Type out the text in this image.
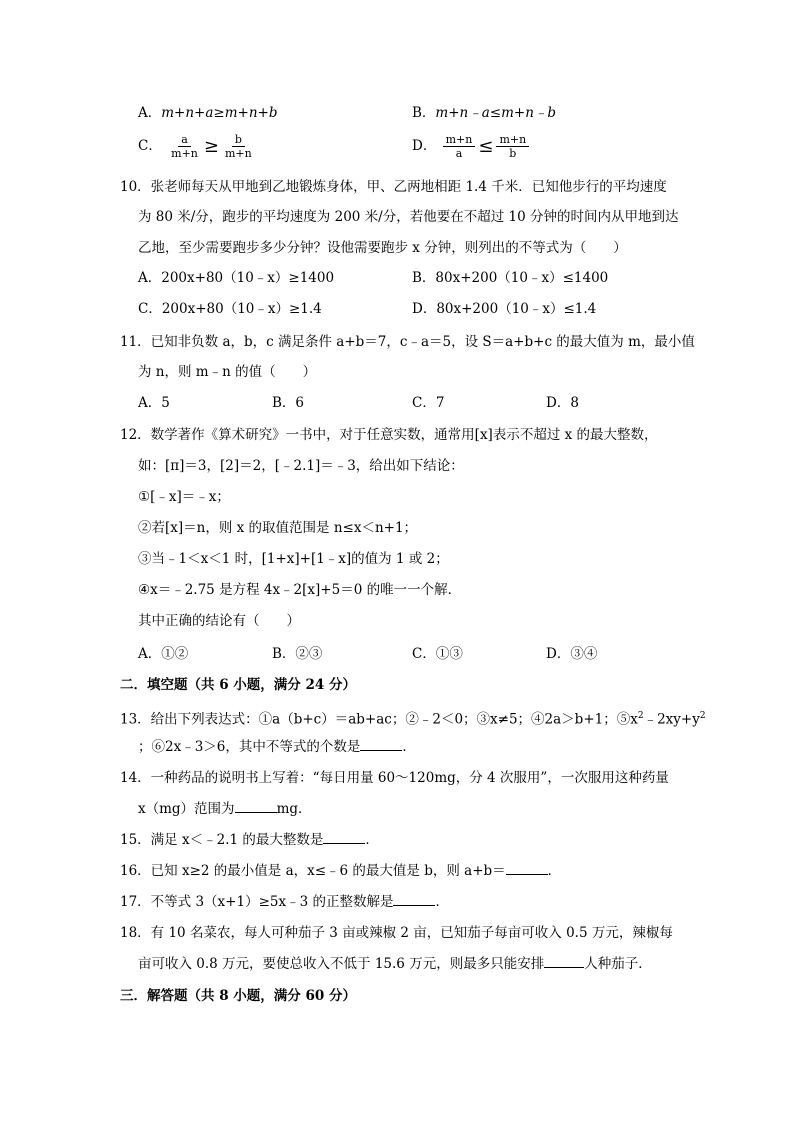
A．m+n+a≥m+n+b	B．m+n﹣a≤m+n﹣b
C． $\frac{a}{m+n} \ge \frac{b}{m+n}$	D． $\frac{m+n}{a} \le \frac{m+n}{b}$
10．张老师每天从甲地到乙地锻炼身体，甲、乙两地相距 1.4 千米．已知他步行的平均速度
为 80 米/分，跑步的平均速度为 200 米/分，若他要在不超过 10 分钟的时间内从甲地到达
乙地，至少需要跑步多少分钟？设他需要跑步 x 分钟，则列出的不等式为（　　）
A．200x+80（10﹣x）≥1400	B．80x+200（10﹣x）≤1400
C．200x+80（10﹣x）≥1.4	D．80x+200（10﹣x）≤1.4
11．已知非负数 a，b，c 满足条件 a+b＝7，c﹣a＝5，设 S＝a+b+c 的最大值为 m，最小值
为 n，则 m﹣n 的值（　　）
A．5	B．6	C．7	D．8
12．数学著作《算术研究》一书中，对于任意实数，通常用[x]表示不超过 x 的最大整数，
如：[π]＝3，[2]＝2，[﹣2.1]＝﹣3，给出如下结论：
①[﹣x]＝﹣x；
②若[x]＝n，则 x 的取值范围是 n≤x＜n+1；
③当﹣1＜x＜1 时，[1+x]+[1﹣x]的值为 1 或 2；
④x＝﹣2.75 是方程 4x﹣2[x]+5＝0 的唯一一个解．
其中正确的结论有（　　）
A．①②	B．②③	C．①③	D．③④
二．填空题（共 6 小题，满分 24 分）
13．给出下列表达式：①a（b+c）＝ab+ac；②﹣2＜0；③x≠5；④2a＞b+1；$⑤x^2﹣2xy+y^2$
；⑥2x﹣3＞6，其中不等式的个数是	．
14．一种药品的说明书上写着：“每日用量 60～120mg，分 4 次服用”，一次服用这种药量
x（mg）范围为	mg．
15．满足 x＜﹣2.1 的最大整数是	．
16．已知 x≥2 的最小值是 a，x≤﹣6 的最大值是 b，则 a+b＝	．
17．不等式 3（x+1）≥5x﹣3 的正整数解是	．
18．有 10 名菜农，每人可种茄子 3 亩或辣椒 2 亩，已知茄子每亩可收入 0.5 万元，辣椒每
亩可收入 0.8 万元，要使总收入不低于 15.6 万元，则最多只能安排	人种茄子．
三．解答题（共 8 小题，满分 60 分）
